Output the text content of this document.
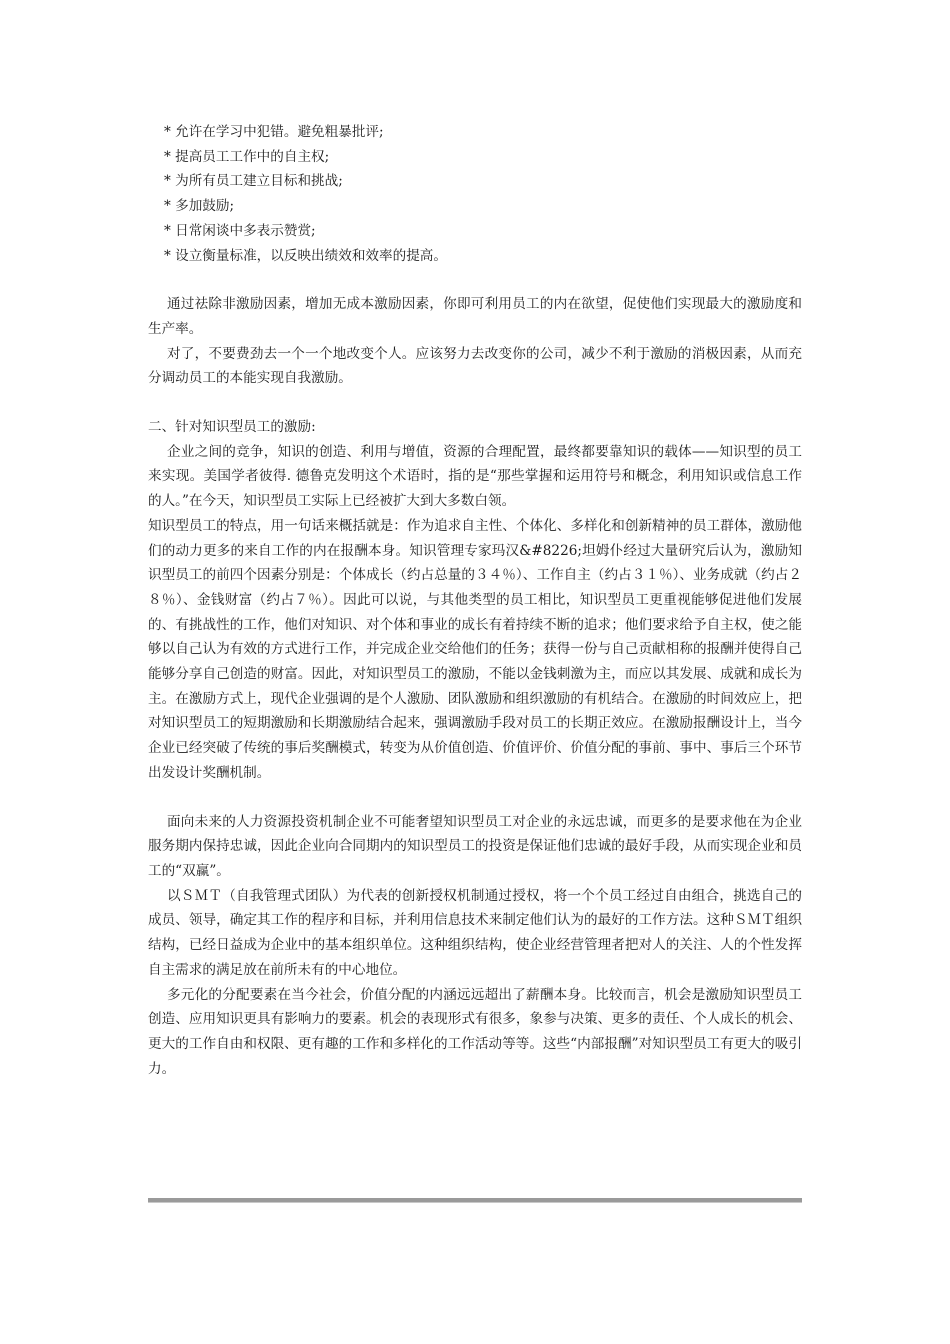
* 允许在学习中犯错。避免粗暴批评;
* 提高员工工作中的自主权;
* 为所有员工建立目标和挑战;
* 多加鼓励;
* 日常闲谈中多表示赞赏;
* 设立衡量标准，以反映出绩效和效率的提高。

通过祛除非激励因素，增加无成本激励因素，你即可利用员工的内在欲望，促使他们实现最大的激励度和生产率。

对了，不要费劲去一个一个地改变个人。应该努力去改变你的公司，减少不利于激励的消极因素，从而充分调动员工的本能实现自我激励。

二、针对知识型员工的激励:

企业之间的竞争，知识的创造、利用与增值，资源的合理配置，最终都要靠知识的载体——知识型的员工来实现。美国学者彼得. 德鲁克发明这个术语时，指的是“那些掌握和运用符号和概念，利用知识或信息工作的人。”在今天，知识型员工实际上已经被扩大到大多数白领。

知识型员工的特点，用一句话来概括就是：作为追求自主性、个体化、多样化和创新精神的员工群体，激励他们的动力更多的来自工作的内在报酬本身。知识管理专家玛汉&#8226;坦姆仆经过大量研究后认为，激励知识型员工的前四个因素分别是：个体成长（约占总量的３４％）、工作自主（约占３１％）、业务成就（约占２８％）、金钱财富（约占７％）。因此可以说，与其他类型的员工相比，知识型员工更重视能够促进他们发展的、有挑战性的工作，他们对知识、对个体和事业的成长有着持续不断的追求；他们要求给予自主权，使之能够以自己认为有效的方式进行工作，并完成企业交给他们的任务；获得一份与自己贡献相称的报酬并使得自己能够分享自己创造的财富。因此，对知识型员工的激励，不能以金钱刺激为主，而应以其发展、成就和成长为主。在激励方式上，现代企业强调的是个人激励、团队激励和组织激励的有机结合。在激励的时间效应上，把对知识型员工的短期激励和长期激励结合起来，强调激励手段对员工的长期正效应。在激励报酬设计上，当今企业已经突破了传统的事后奖酬模式，转变为从价值创造、价值评价、价值分配的事前、事中、事后三个环节出发设计奖酬机制。

面向未来的人力资源投资机制企业不可能奢望知识型员工对企业的永远忠诚，而更多的是要求他在为企业服务期内保持忠诚，因此企业向合同期内的知识型员工的投资是保证他们忠诚的最好手段，从而实现企业和员工的“双赢”。

以ＳＭＴ（自我管理式团队）为代表的创新授权机制通过授权，将一个个员工经过自由组合，挑选自己的成员、领导，确定其工作的程序和目标，并利用信息技术来制定他们认为的最好的工作方法。这种ＳＭＴ组织结构，已经日益成为企业中的基本组织单位。这种组织结构，使企业经营管理者把对人的关注、人的个性发挥自主需求的满足放在前所未有的中心地位。

多元化的分配要素在当今社会，价值分配的内涵远远超出了薪酬本身。比较而言，机会是激励知识型员工创造、应用知识更具有影响力的要素。机会的表现形式有很多，象参与决策、更多的责任、个人成长的机会、更大的工作自由和权限、更有趣的工作和多样化的工作活动等等。这些“内部报酬”对知识型员工有更大的吸引力。
